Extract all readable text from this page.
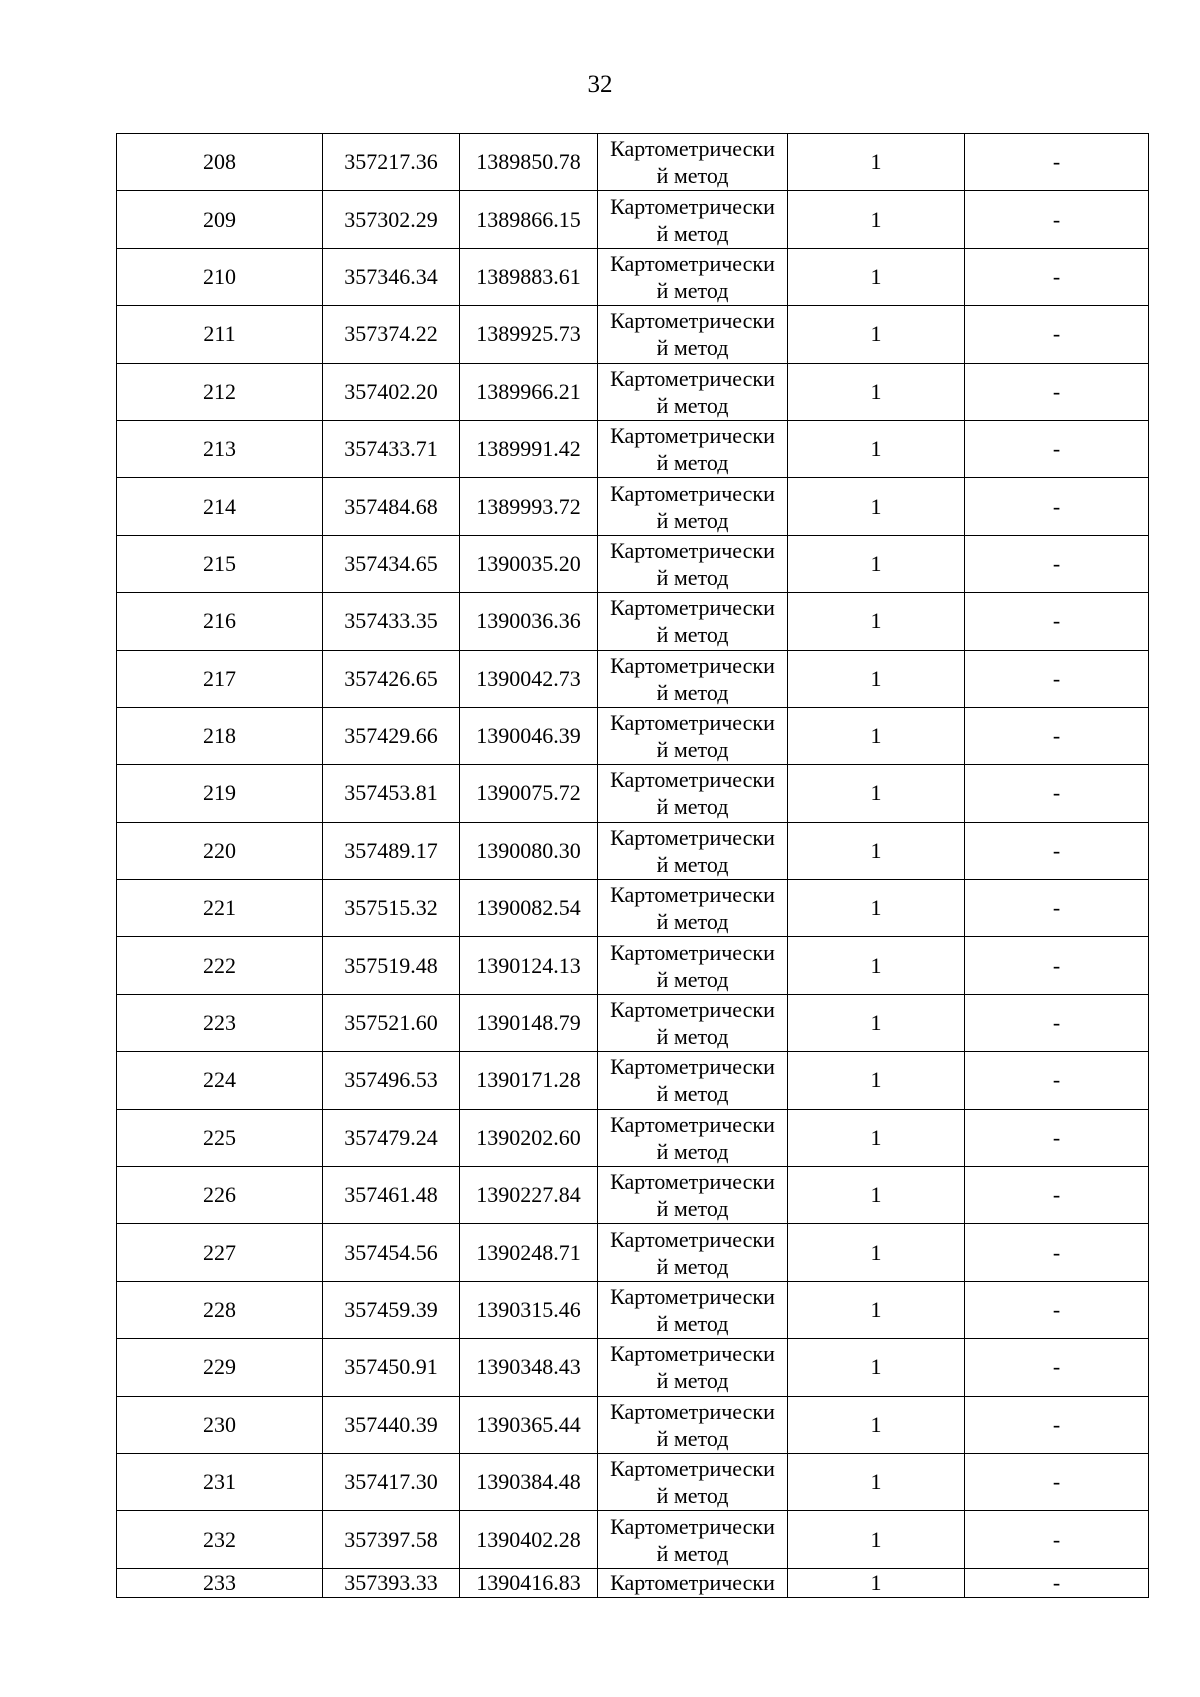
32
208	357217.36	1389850.78	Картометрически
й метод	1	-
209	357302.29	1389866.15	Картометрически
й метод	1	-
210	357346.34	1389883.61	Картометрически
й метод	1	-
211	357374.22	1389925.73	Картометрически
й метод	1	-
212	357402.20	1389966.21	Картометрически
й метод	1	-
213	357433.71	1389991.42	Картометрически
й метод	1	-
214	357484.68	1389993.72	Картометрически
й метод	1	-
215	357434.65	1390035.20	Картометрически
й метод	1	-
216	357433.35	1390036.36	Картометрически
й метод	1	-
217	357426.65	1390042.73	Картометрически
й метод	1	-
218	357429.66	1390046.39	Картометрически
й метод	1	-
219	357453.81	1390075.72	Картометрически
й метод	1	-
220	357489.17	1390080.30	Картометрически
й метод	1	-
221	357515.32	1390082.54	Картометрически
й метод	1	-
222	357519.48	1390124.13	Картометрически
й метод	1	-
223	357521.60	1390148.79	Картометрически
й метод	1	-
224	357496.53	1390171.28	Картометрически
й метод	1	-
225	357479.24	1390202.60	Картометрически
й метод	1	-
226	357461.48	1390227.84	Картометрически
й метод	1	-
227	357454.56	1390248.71	Картометрически
й метод	1	-
228	357459.39	1390315.46	Картометрически
й метод	1	-
229	357450.91	1390348.43	Картометрически
й метод	1	-
230	357440.39	1390365.44	Картометрически
й метод	1	-
231	357417.30	1390384.48	Картометрически
й метод	1	-
232	357397.58	1390402.28	Картометрически
й метод	1	-
233	357393.33	1390416.83	Картометрически	1	-
